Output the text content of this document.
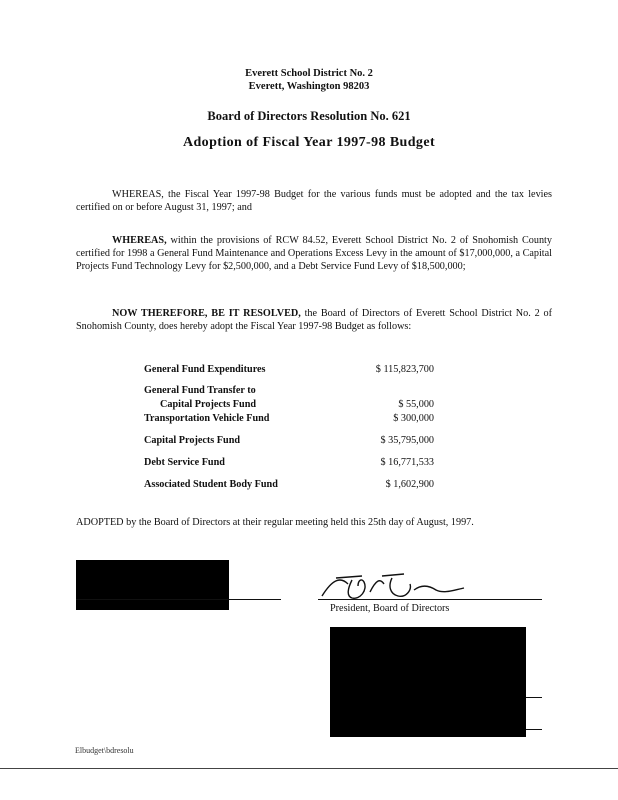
Everett School District No. 2
Everett, Washington 98203
Board of Directors Resolution No. 621
Adoption of Fiscal Year 1997-98 Budget
WHEREAS, the Fiscal Year 1997-98 Budget for the various funds must be adopted and the tax levies certified on or before August 31, 1997; and
WHEREAS, within the provisions of RCW 84.52, Everett School District No. 2 of Snohomish County certified for 1998 a General Fund Maintenance and Operations Excess Levy in the amount of $17,000,000, a Capital Projects Fund Technology Levy for $2,500,000, and a Debt Service Fund Levy of $18,500,000;
NOW THEREFORE, BE IT RESOLVED, the Board of Directors of Everett School District No. 2 of Snohomish County, does hereby adopt the Fiscal Year 1997-98 Budget as follows:
General Fund Expenditures	$ 115,823,700
General Fund Transfer to
Capital Projects Fund	$ 55,000
Transportation Vehicle Fund	$ 300,000
Capital Projects Fund	$ 35,795,000
Debt Service Fund	$ 16,771,533
Associated Student Body Fund	$ 1,602,900
ADOPTED by the Board of Directors at their regular meeting held this 25th day of August, 1997.
President, Board of Directors
Elbudget\bdresolu
